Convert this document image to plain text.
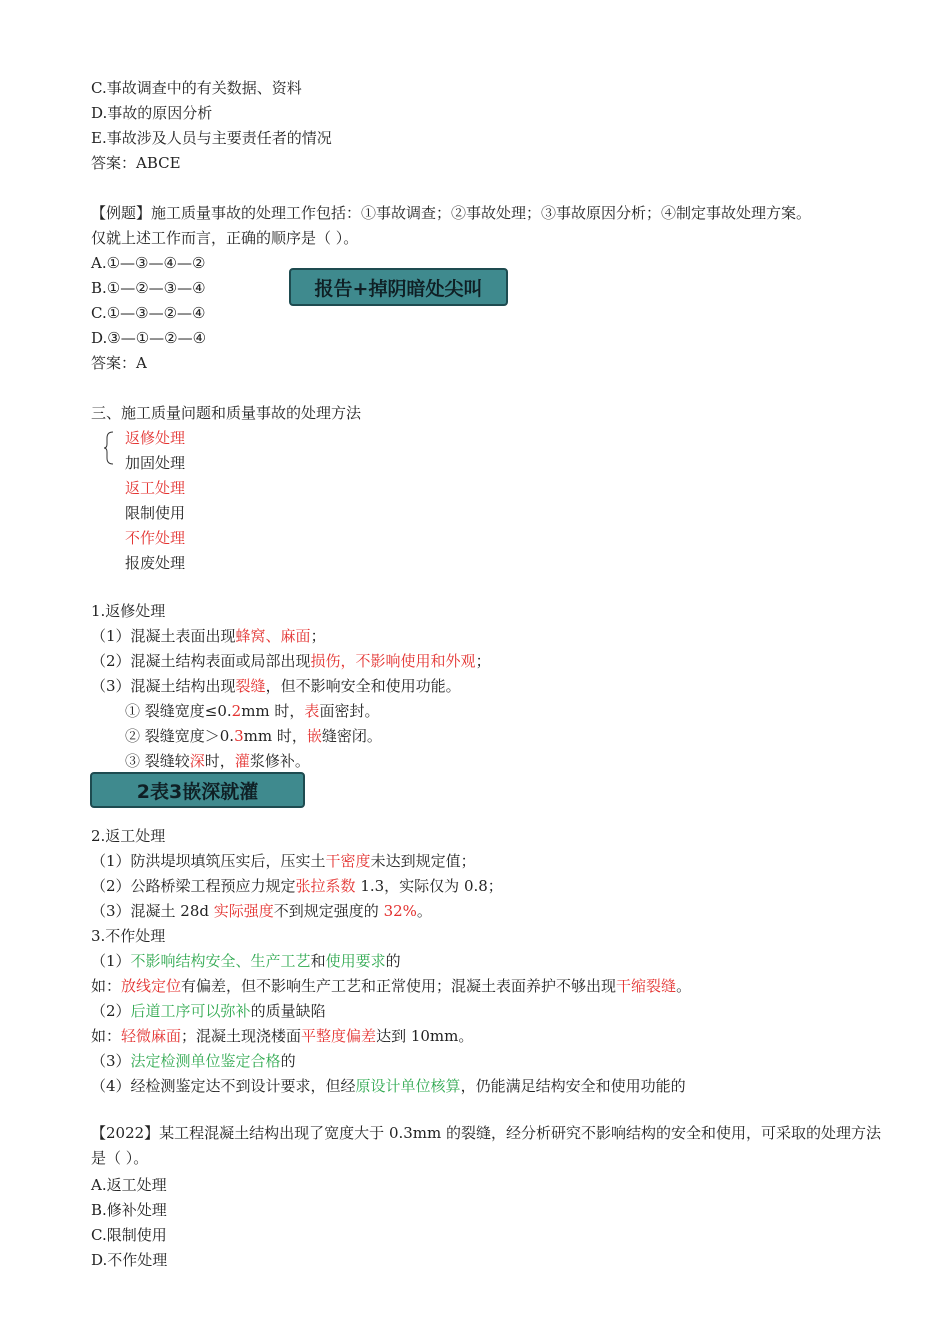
C.事故调查中的有关数据、资料
D.事故的原因分析
E.事故涉及人员与主要责任者的情况
答案：ABCE
【例题】施工质量事故的处理工作包括：①事故调查；②事故处理；③事故原因分析；④制定事故处理方案。
仅就上述工作而言，正确的顺序是（ ）。
A.①—③—④—②
B.①—②—③—④
C.①—③—②—④
D.③—①—②—④
答案：A
报告+掉阴暗处尖叫
三、施工质量问题和质量事故的处理方法
返修处理
加固处理
返工处理
限制使用
不作处理
报废处理
1.返修处理
（1）混凝土表面出现蜂窝、麻面；
（2）混凝土结构表面或局部出现损伤，不影响使用和外观；
（3）混凝土结构出现裂缝，但不影响安全和使用功能。
① 裂缝宽度≤0.2mm 时，表面密封。
② 裂缝宽度＞0.3mm 时，嵌缝密闭。
③ 裂缝较深时，灌浆修补。
2表3嵌深就灌
2.返工处理
（1）防洪堤坝填筑压实后，压实土干密度未达到规定值；
（2）公路桥梁工程预应力规定张拉系数 1.3，实际仅为 0.8；
（3）混凝土 28d 实际强度不到规定强度的 32%。
3.不作处理
（1）不影响结构安全、生产工艺和使用要求的
如：放线定位有偏差，但不影响生产工艺和正常使用；混凝土表面养护不够出现干缩裂缝。
（2）后道工序可以弥补的质量缺陷
如：轻微麻面；混凝土现浇楼面平整度偏差达到 10mm。
（3）法定检测单位鉴定合格的
（4）经检测鉴定达不到设计要求，但经原设计单位核算，仍能满足结构安全和使用功能的
【2022】某工程混凝土结构出现了宽度大于 0.3mm 的裂缝，经分析研究不影响结构的安全和使用，可采取的处理方法是（ ）。
A.返工处理
B.修补处理
C.限制使用
D.不作处理
